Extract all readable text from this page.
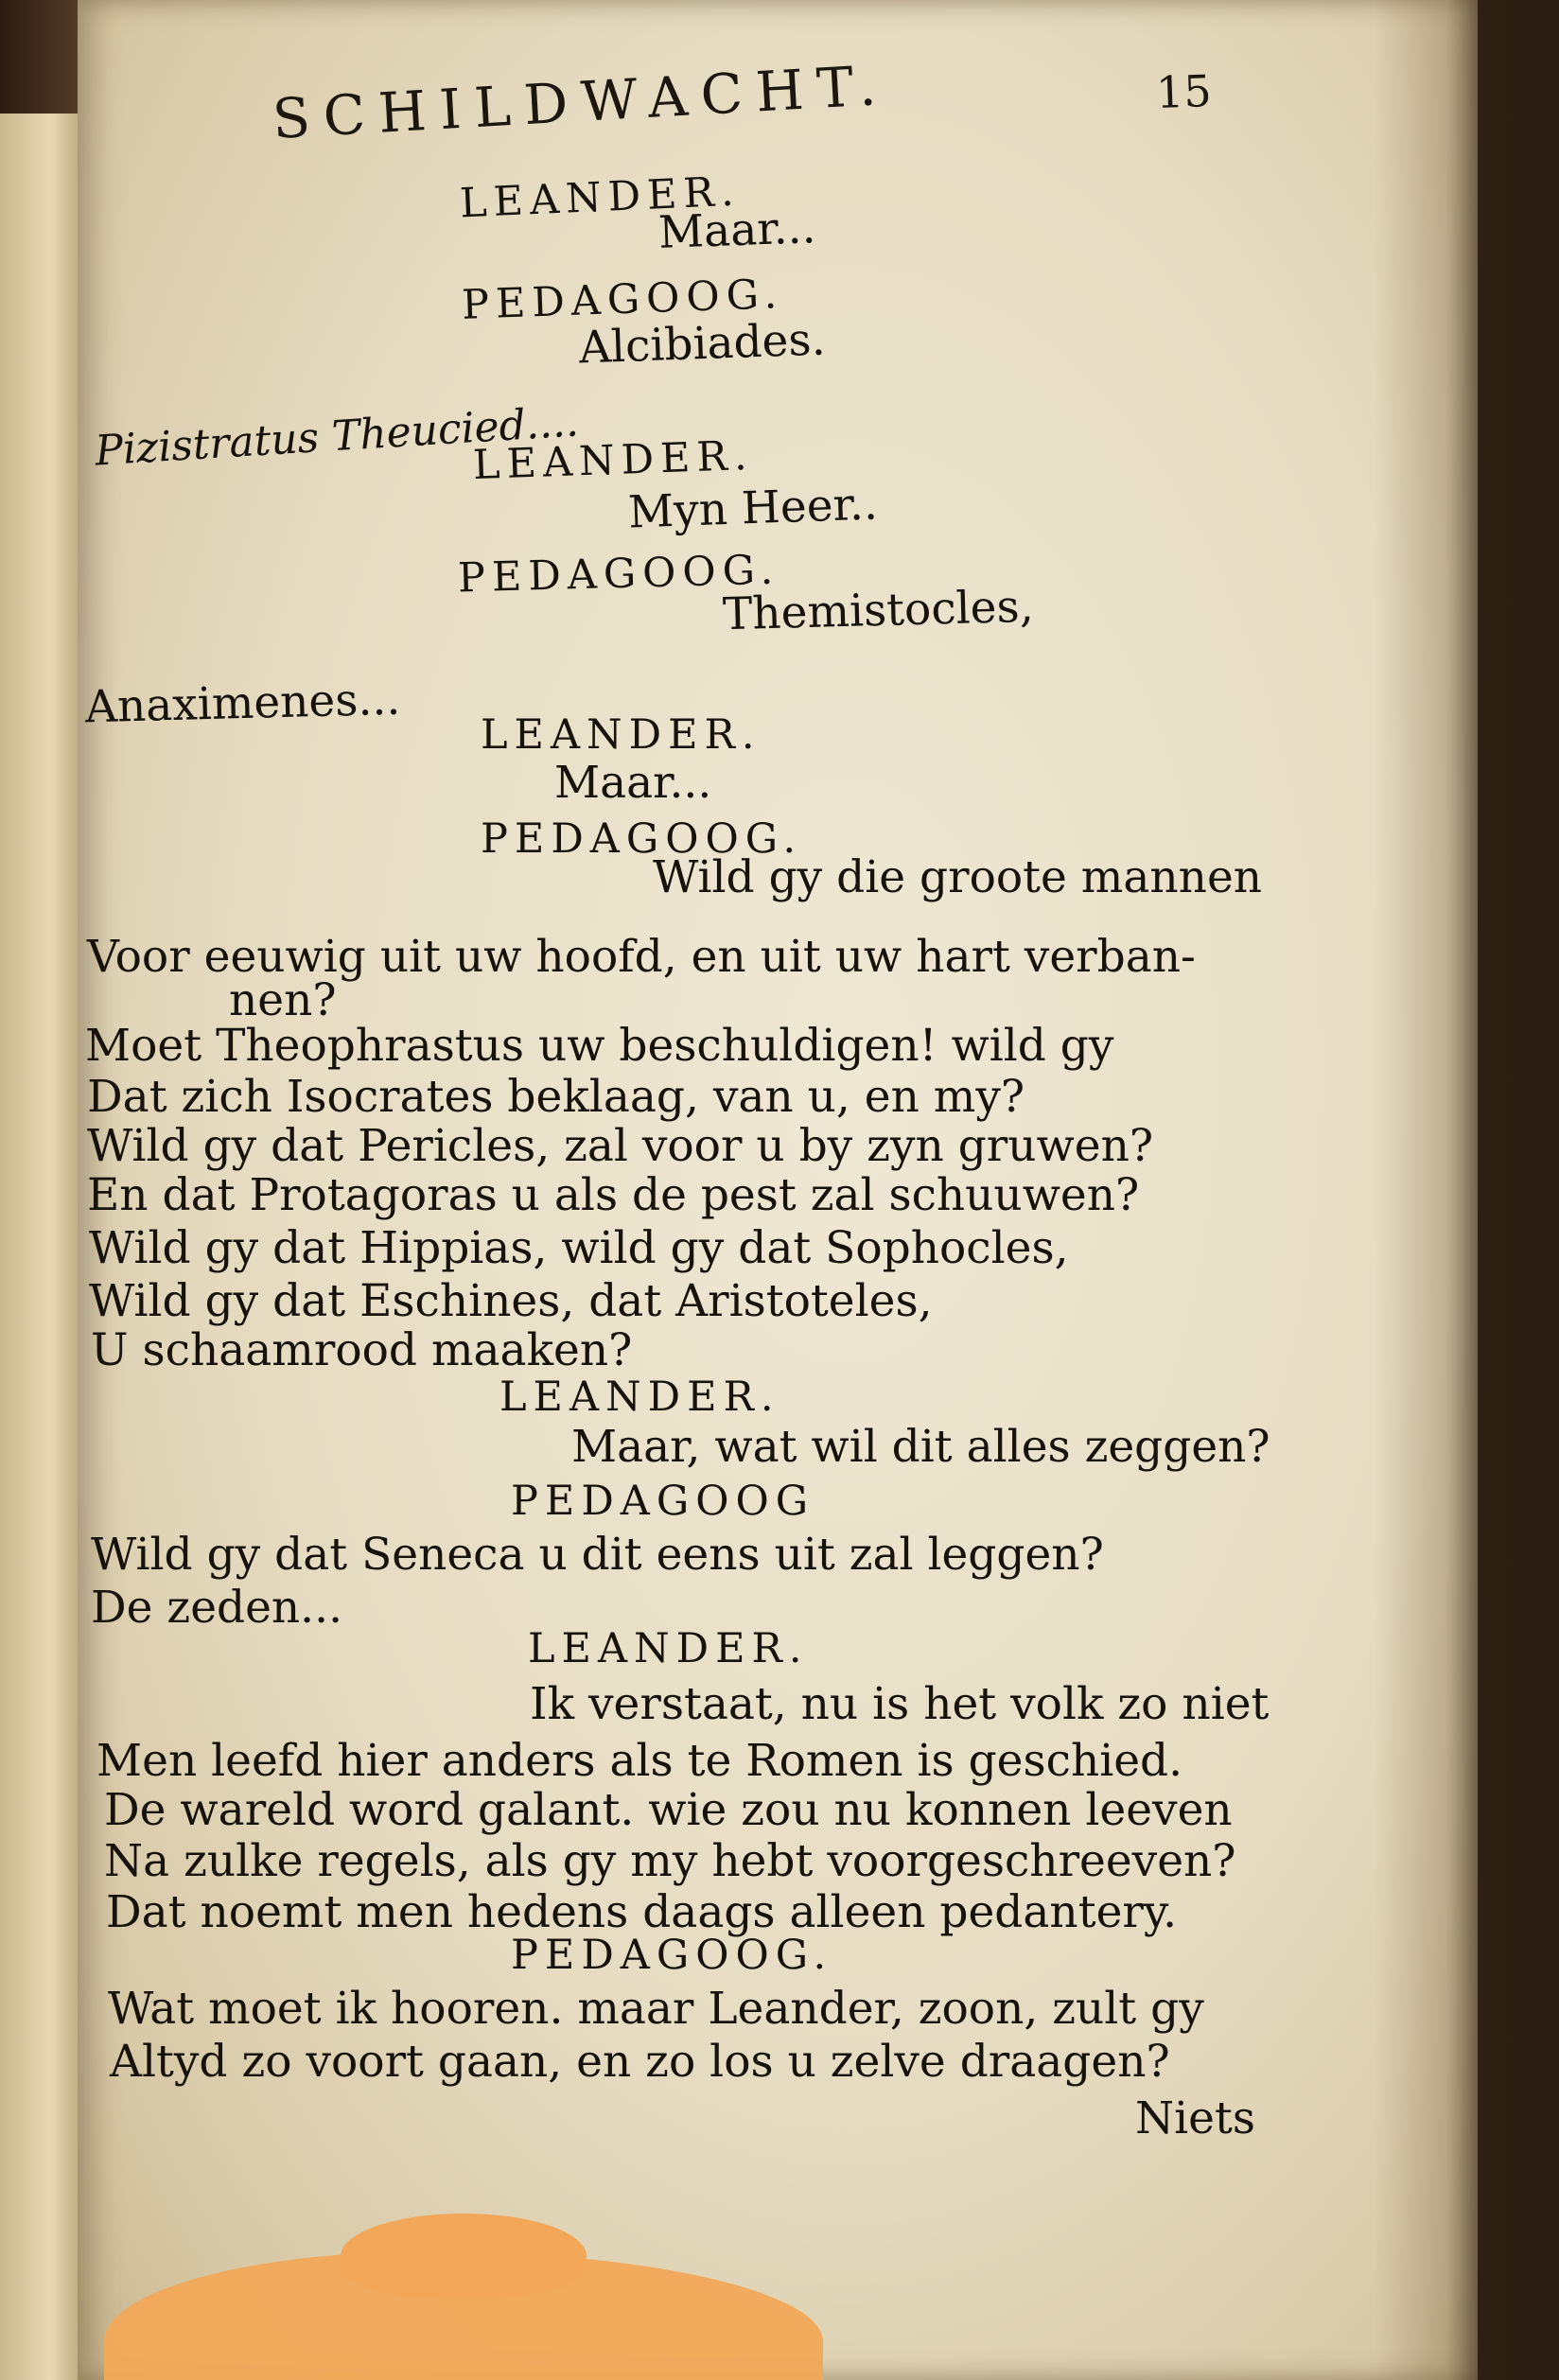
SCHILDWACHT.	15
LEANDER.
Maar...
PEDAGOOG.
Alcibiades.
Pizistratus Theucied....
LEANDER.
Myn Heer..
PEDAGOOG.
Themistocles,
Anaximenes...
LEANDER.
Maar...
PEDAGOOG.
Wild gy die groote mannen
Voor eeuwig uit uw hoofd, en uit uw hart verban-
nen?
Moet Theophrastus uw beschuldigen! wild gy
Dat zich Isocrates beklaag, van u, en my?
Wild gy dat Pericles, zal voor u by zyn gruwen?
En dat Protagoras u als de pest zal schuuwen?
Wild gy dat Hippias, wild gy dat Sophocles,
Wild gy dat Eschines, dat Aristoteles,
U schaamrood maaken?
LEANDER.
Maar, wat wil dit alles zeggen?
PEDAGOOG
Wild gy dat Seneca u dit eens uit zal leggen?
De zeden...
LEANDER.
Ik verstaat, nu is het volk zo niet
Men leefd hier anders als te Romen is geschied.
De wareld word galant. wie zou nu konnen leeven
Na zulke regels, als gy my hebt voorgeschreeven?
Dat noemt men hedens daags alleen pedantery.
PEDAGOOG.
Wat moet ik hooren. maar Leander, zoon, zult gy
Altyd zo voort gaan, en zo los u zelve draagen?
Niets
